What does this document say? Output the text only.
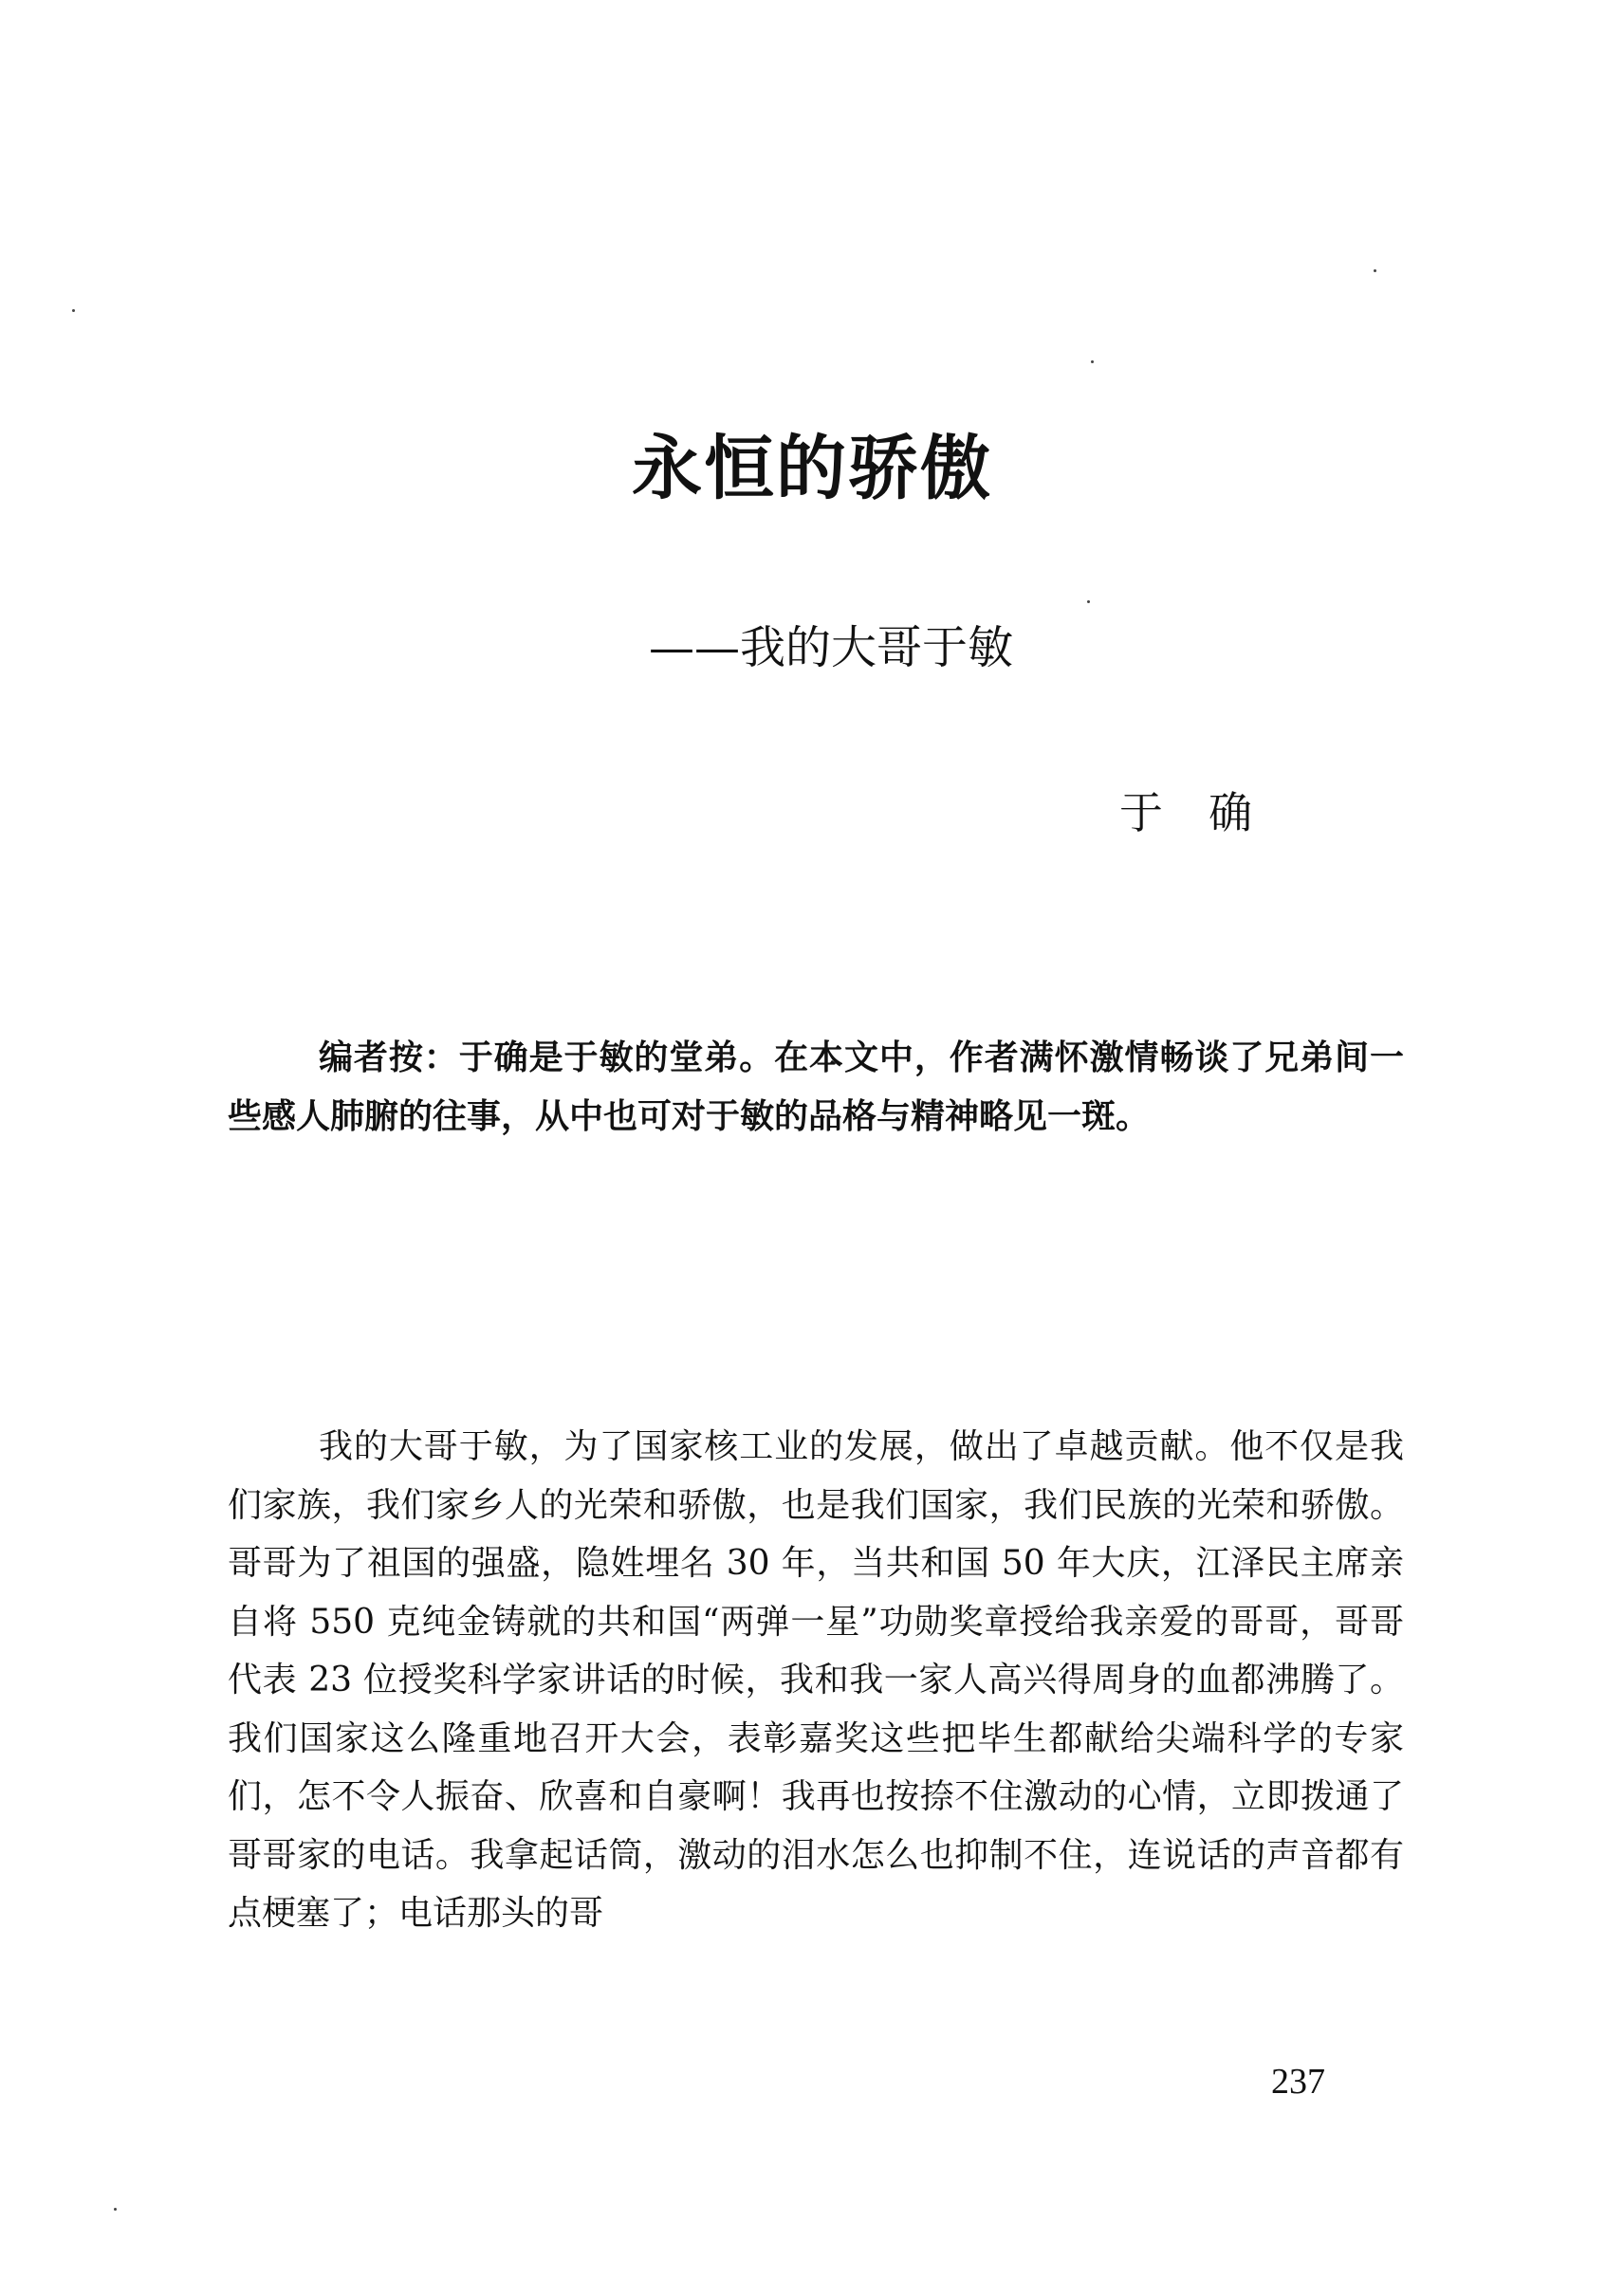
永恒的骄傲
——我的大哥于敏
于确

编者按：于确是于敏的堂弟。在本文中，作者满怀激情畅谈了兄弟间一些感人肺腑的往事，从中也可对于敏的品格与精神略见一斑。

我的大哥于敏，为了国家核工业的发展，做出了卓越贡献。他不仅是我们家族，我们家乡人的光荣和骄傲，也是我们国家，我们民族的光荣和骄傲。哥哥为了祖国的强盛，隐姓埋名 30 年，当共和国 50 年大庆，江泽民主席亲自将 550 克纯金铸就的共和国“两弹一星”功勋奖章授给我亲爱的哥哥，哥哥代表 23 位授奖科学家讲话的时候，我和我一家人高兴得周身的血都沸腾了。我们国家这么隆重地召开大会，表彰嘉奖这些把毕生都献给尖端科学的专家们，怎不令人振奋、欣喜和自豪啊！我再也按捺不住激动的心情，立即拨通了哥哥家的电话。我拿起话筒，激动的泪水怎么也抑制不住，连说话的声音都有点梗塞了；电话那头的哥

237
